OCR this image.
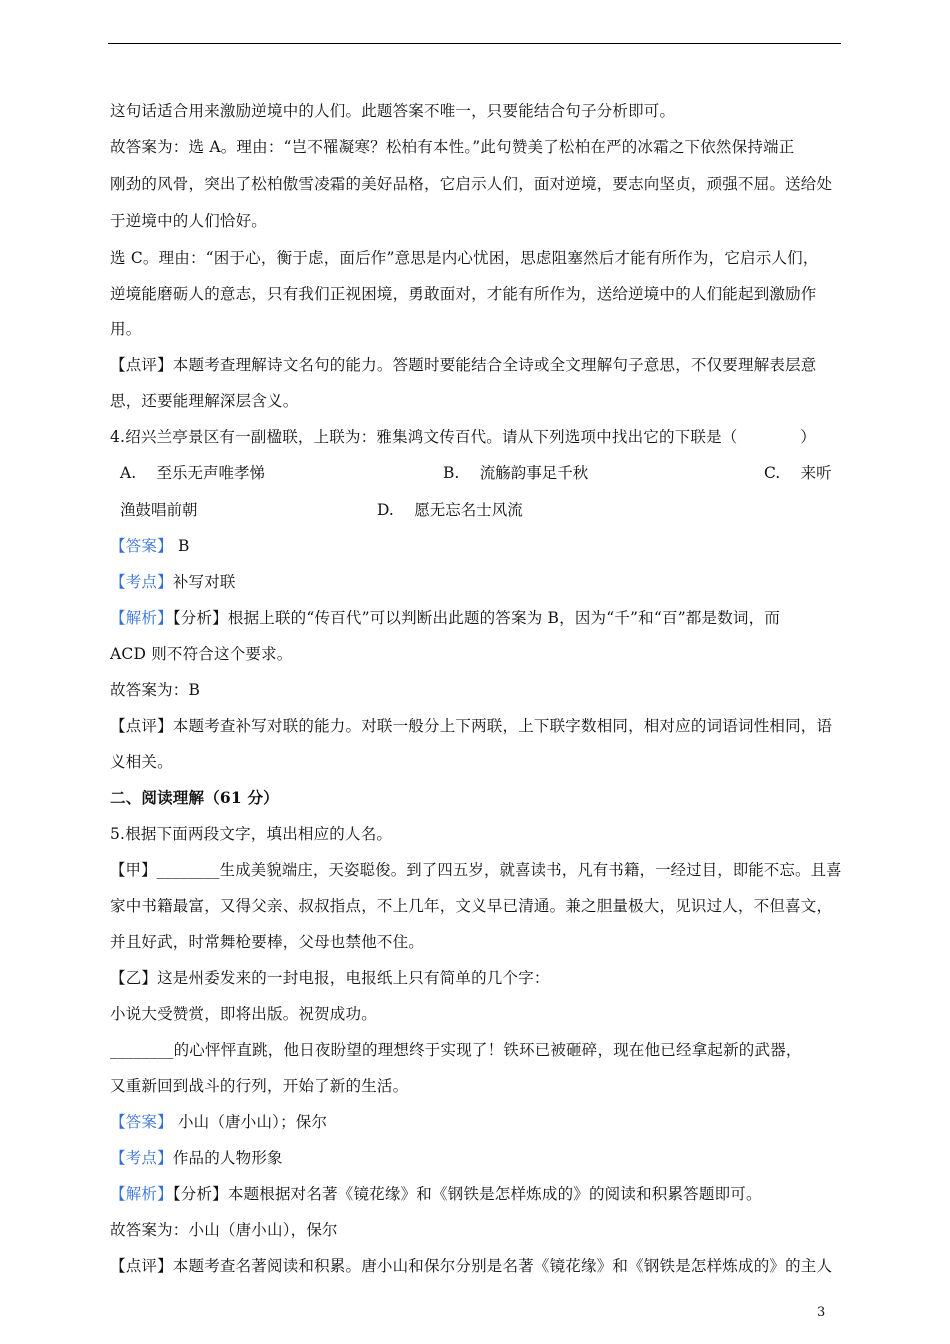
这句话适合用来激励逆境中的人们。此题答案不唯一，只要能结合句子分析即可。
故答案为：选 A。理由：“岂不罹凝寒？松柏有本性。”此句赞美了松柏在严的冰霜之下依然保持端正
刚劲的风骨，突出了松柏傲雪凌霜的美好品格，它启示人们，面对逆境，要志向坚贞，顽强不屈。送给处
于逆境中的人们恰好。
选 C。理由：“困于心，衡于虑，面后作”意思是内心忧困，思虑阻塞然后才能有所作为，它启示人们，
逆境能磨砺人的意志，只有我们正视困境，勇敢面对，才能有所作为，送给逆境中的人们能起到激励作
用。
【点评】本题考查理解诗文名句的能力。答题时要能结合全诗或全文理解句子意思，不仅要理解表层意
思，还要能理解深层含义。
4.绍兴兰亭景区有一副楹联，上联为：雅集鸿文传百代。请从下列选项中找出它的下联是（　　　　）
A.　 至乐无声唯孝悌	B.　 流觞韵事足千秋	C.　 来听
渔鼓唱前朝	D.　 愿无忘名士风流
【答案】 B
【考点】补写对联
【解析】【分析】根据上联的“传百代”可以判断出此题的答案为 B，因为“千”和“百”都是数词，而
ACD 则不符合这个要求。
故答案为：B
【点评】本题考查补写对联的能力。对联一般分上下两联，上下联字数相同，相对应的词语词性相同，语
义相关。
二、阅读理解（61 分）
5.根据下面两段文字，填出相应的人名。
【甲】________生成美貌端庄，天姿聪俊。到了四五岁，就喜读书，凡有书籍，一经过目，即能不忘。且喜
家中书籍最富，又得父亲、叔叔指点，不上几年，文义早已清通。兼之胆量极大，见识过人，不但喜文，
并且好武，时常舞枪要棒，父母也禁他不住。
【乙】这是州委发来的一封电报，电报纸上只有简单的几个字：
小说大受赞赏，即将出版。祝贺成功。
________的心怦怦直跳，他日夜盼望的理想终于实现了！铁环已被砸碎，现在他已经拿起新的武器，
又重新回到战斗的行列，开始了新的生活。
【答案】 小山（唐小山）；保尔
【考点】作品的人物形象
【解析】【分析】本题根据对名著《镜花缘》和《钢铁是怎样炼成的》的阅读和积累答题即可。
故答案为：小山（唐小山），保尔
【点评】本题考查名著阅读和积累。唐小山和保尔分别是名著《镜花缘》和《钢铁是怎样炼成的》的主人
3
